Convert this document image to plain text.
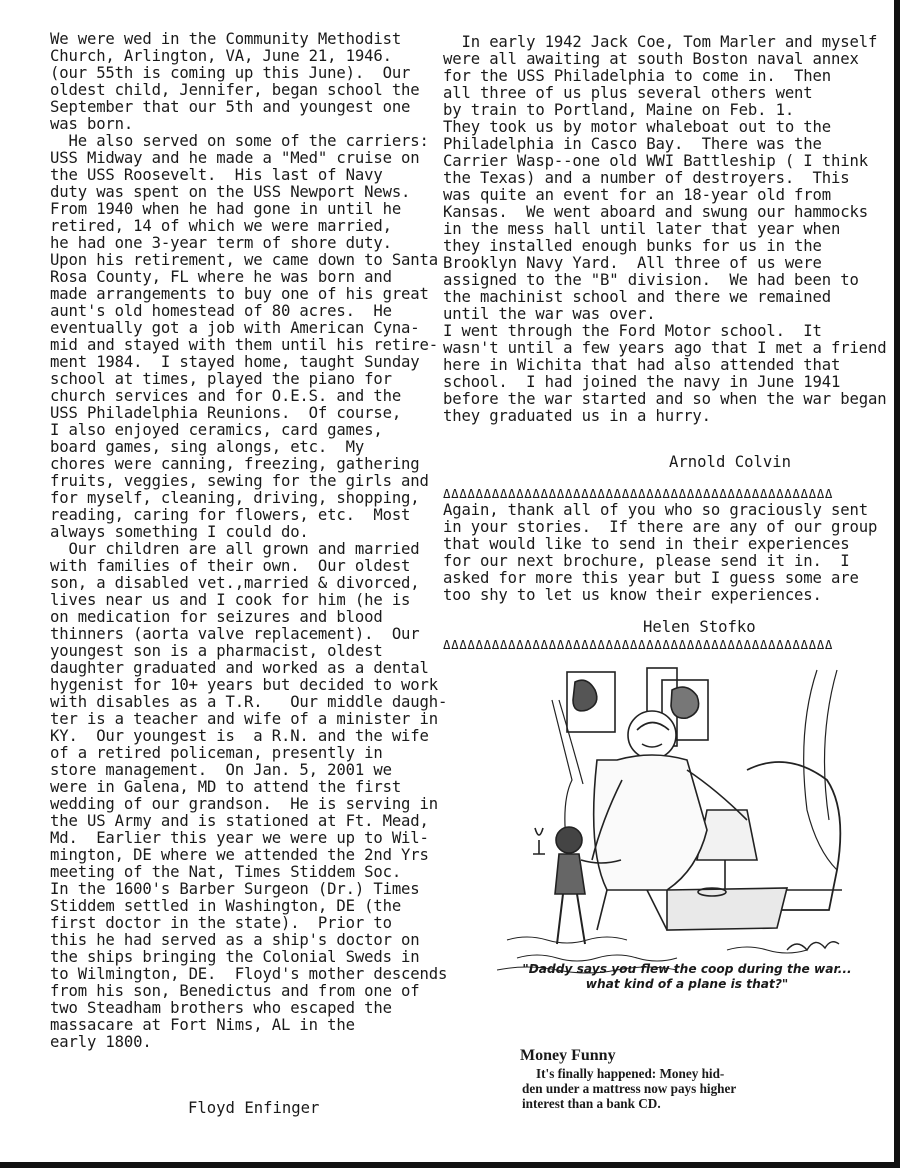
We were wed in the Community Methodist
Church, Arlington, VA, June 21, 1946.
(our 55th is coming up this June).  Our
oldest child, Jennifer, began school the
September that our 5th and youngest one
was born.
He also served on some of the carriers:
USS Midway and he made a "Med" cruise on
the USS Roosevelt.  His last of Navy
duty was spent on the USS Newport News.
From 1940 when he had gone in until he
retired, 14 of which we were married,
he had one 3-year term of shore duty.
Upon his retirement, we came down to Santa
Rosa County, FL where he was born and
made arrangements to buy one of his great
aunt's old homestead of 80 acres.  He
eventually got a job with American Cyna-
mid and stayed with them until his retire-
ment 1984.  I stayed home, taught Sunday
school at times, played the piano for
church services and for O.E.S. and the
USS Philadelphia Reunions.  Of course,
I also enjoyed ceramics, card games,
board games, sing alongs, etc.  My
chores were canning, freezing, gathering
fruits, veggies, sewing for the girls and
for myself, cleaning, driving, shopping,
reading, caring for flowers, etc.  Most
always something I could do.
Our children are all grown and married
with families of their own.  Our oldest
son, a disabled vet.,married & divorced,
lives near us and I cook for him (he is
on medication for seizures and blood
thinners (aorta valve replacement).  Our
youngest son is a pharmacist, oldest
daughter graduated and worked as a dental
hygenist for 10+ years but decided to work
with disables as a T.R.   Our middle daugh-
ter is a teacher and wife of a minister in
KY.  Our youngest is  a R.N. and the wife
of a retired policeman, presently in
store management.  On Jan. 5, 2001 we
were in Galena, MD to attend the first
wedding of our grandson.  He is serving in
the US Army and is stationed at Ft. Mead,
Md.  Earlier this year we were up to Wil-
mington, DE where we attended the 2nd Yrs
meeting of the Nat, Times Stiddem Soc.
In the 1600's Barber Surgeon (Dr.) Times
Stiddem settled in Washington, DE (the
first doctor in the state).  Prior to
this he had served as a ship's doctor on
the ships bringing the Colonial Sweds in
to Wilmington, DE.  Floyd's mother descends
from his son, Benedictus and from one of
two Steadham brothers who escaped the
massacare at Fort Nims, AL in the
early 1800.
Floyd Enfinger
In early 1942 Jack Coe, Tom Marler and myself
were all awaiting at south Boston naval annex
for the USS Philadelphia to come in.  Then
all three of us plus several others went
by train to Portland, Maine on Feb. 1.
They took us by motor whaleboat out to the
Philadelphia in Casco Bay.  There was the
Carrier Wasp--one old WWI Battleship ( I think
the Texas) and a number of destroyers.  This
was quite an event for an 18-year old from
Kansas.  We went aboard and swung our hammocks
in the mess hall until later that year when
they installed enough bunks for us in the
Brooklyn Navy Yard.  All three of us were
assigned to the "B" division.  We had been to
the machinist school and there we remained
until the war was over.
I went through the Ford Motor school.  It
wasn't until a few years ago that I met a friend
here in Wichita that had also attended that
school.  I had joined the navy in June 1941
before the war started and so when the war began
they graduated us in a hurry.
Arnold Colvin
ΔΔΔΔΔΔΔΔΔΔΔΔΔΔΔΔΔΔΔΔΔΔΔΔΔΔΔΔΔΔΔΔΔΔΔΔΔΔΔΔΔΔΔΔΔΔΔΔ
Again, thank all of you who so graciously sent
in your stories.  If there are any of our group
that would like to send in their experiences
for our next brochure, please send it in.  I
asked for more this year but I guess some are
too shy to let us know their experiences.
Helen Stofko
ΔΔΔΔΔΔΔΔΔΔΔΔΔΔΔΔΔΔΔΔΔΔΔΔΔΔΔΔΔΔΔΔΔΔΔΔΔΔΔΔΔΔΔΔΔΔΔΔ
"Daddy says you flew the coop during the war...
what kind of a plane is that?"
Money Funny
It's finally happened: Money hid-
den under a mattress now pays higher
interest than a bank CD.
